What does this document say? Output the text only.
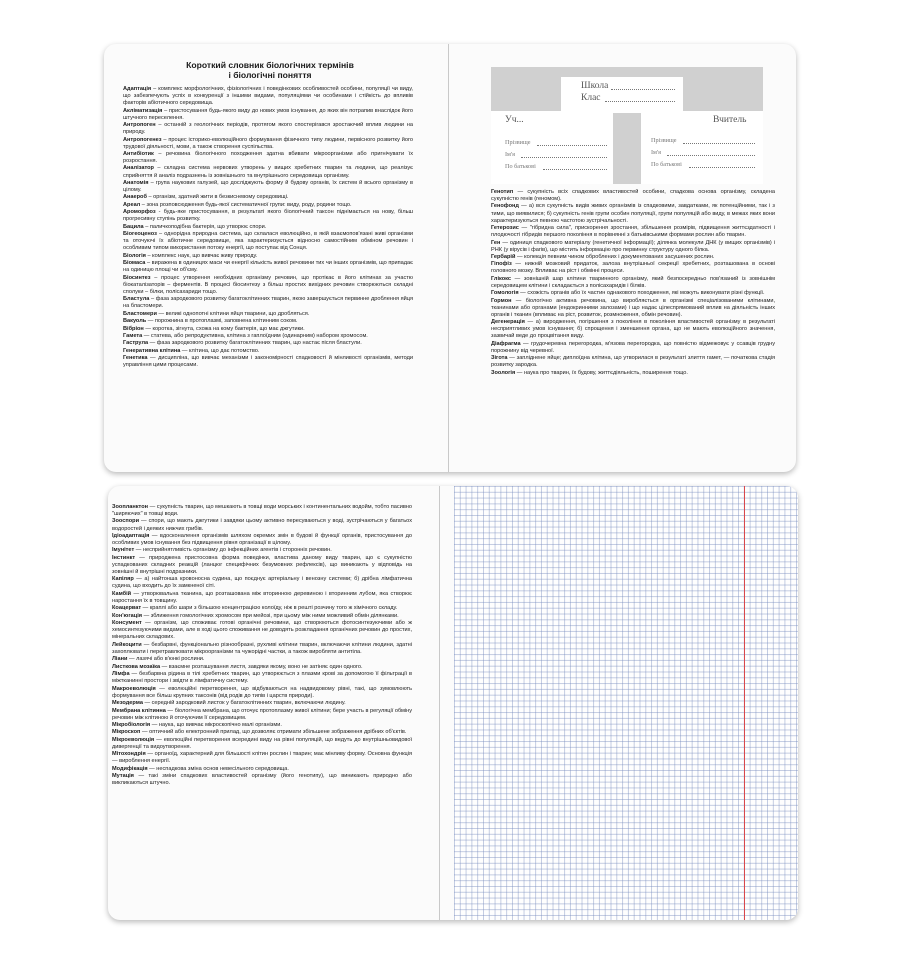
Короткий словник біологічних термінів
і біологічні поняття

Адаптація – комплекс морфологічних, фізіологічних і поведінкових особливостей особини, популяції чи виду, що забезпечують успіх в конкуренції з іншими видами, популяціями чи особинами і стійкість до впливів факторів абіотичного середовища.

Акліматизація – пристосування будь-якого виду до нових умов існування, до яких він потрапив внаслідок його штучного переселення.

Антропоген – останній з геологічних періодів, протягом якого спостерігався зростаючий вплив людини на природу.

Антропогенез – процес історико-еволюційного формування фізичного типу людини, первісного розвитку його трудової діяльності, мови, а також створення суспільства.

Антибіотик – речовина біологічного походження здатна вбивати мікроорганізми або пригнічувати їх розростання.

Аналізатор – складна система нервових утворень у вищих хребетних тварин та людини, що реалізує сприйняття й аналіз подразнень із зовнішнього та внутрішнього середовища організму.

Анатомія – група наукових галузей, що досліджують форму й будову органів, їх систем й всього організму в цілому.

Анаероб – організм, здатний жити в безкисневому середовищі.

Ареал – зона розповсюдження будь-якої систематичної групи: виду, роду, родини тощо.

Ароморфоз - будь-яке пристосування, в результаті якого біологічний таксон піднімається на нову, більш прогресивну ступінь розвитку.

Бацила – паличкоподібна бактерія, що утворює спори.

Біогеоценоз – однорідна природна система, що склалася еволюційно, в якій взаємопов'язані живі організми та оточуючі їх абіотичне середовище, яка характеризується відносно самостійним обміном речовин і особливим типом використання потоку енергії, що поступає від Сонця.

Біологія – комплекс наук, що вивчає живу природу.

Біомаса – виражена в одиницях маси чи енергії кількість живої речовини тих чи інших організмів, що припадає на одиницю площі чи об'єму.

Біосинтез – процес утворення необхідних організму речовин, що протікає в його клітинах за участю біокаталізаторів – ферментів. В процесі біосинтезу з більш простих вихідних речовин створюються складні сполуки – білки, полісахариди тощо.

Бластула – фаза зародкового розвитку багатоклітинних тварин, якою завершується первинне дроблення яйця на бластомери.

Бластомери — великі однопотні клітини яйця тварини, що дробляться.

Вакуоль — порожнина в протоплазмі, заповнена клітинним соком.

Вібріон — коротка, зігнута, схожа на кому бактерія, що має джгутики.

Гамета — статева, або репродуктивна, клітина з гаплоїдним (одинарним) набором хромосом.

Гаструла — фаза зародкового розвитку багатоклітинних тварин, що настає після бластули.

Генеративна клітина — клітина, що дає потомство.

Генетика — дисципліна, що вивчає механізми і закономірності спадковості й мінливості організмів, методи управління цими процесами.

Школа
Клас
Уч...
Прізвище
Ім'я
По батькові
Вчитель
Прізвище
Ім'я
По батькові

Генотип — сукупність всіх спадкових властивостей особини, спадкова основа організму, складена сукупністю генів (геномом).

Генофонд — а) вся сукупність видів живих організмів із спадковими, завдатками, як потенційними, так і з тими, що виявилися; б) сукупність генів групи особин популяції, групи популяцій або виду, в межах яких вони характеризуються певною частотою зустрічальності.

Гетерозис — "гібридна сила", прискорення зростання, збільшення розмірів, підвищення життєздатності і плодючості гібридів першого покоління в порівнянні з батьківськими формами рослин або тварин.

Ген — одиниця спадкового матеріалу (генетичної інформації); ділянка молекули ДНК (у вищих організмів) і РНК (у вірусів і фагів), що містить інформацію про первинну структуру одного білка.

Гербарій — колекція певним чином оброблених і документованих засушених рослин.

Гіпофіз — нижній мозковий придаток, залоза внутрішньої секреції хребетних, розташована в основі головного мозку. Впливає на ріст і обмінні процеси.

Глікокс — зовнішній шар клітини тваринного організму, який безпосередньо пов'язаний із зовнішнім середовищем клітини і складається з полісахаридів і білків.

Гомологія — схожість органів або їх частин однакового походження, які можуть виконувати різні функції.

Гормон — біологічно активна речовина, що виробляється в організмі спеціалізованими клітинами, тканинами або органами (ендокринними залозами) і що надає цілеспрямований вплив на діяльність інших органів і тканин (впливає на ріст, розвиток, розмноження, обмін речовин).

Дегенерація — а) виродження, погіршення з покоління в покоління властивостей організму в результаті несприятливих умов існування; б) спрощення і зменшення органа, що не мають еволюційного значення, зазвичай веде до процвітання виду.

Діафрагма — грудочеревна перегородка, м'язова перегородка, що повністю відмежовує у ссавців грудну порожнину від черевної.

Зігота — запліднене яйце; диплоїдна клітина, що утворилася в результаті злиття гамет, — початкова стадія розвитку зародка.

Зоологія — наука про тварин, їх будову, життєдіяльність, поширення тощо.

Зоопланктон — сукупність тварин, що мешкають в товщі води морських і континентальних водойм, тобто пасивно "ширяючих" в товщі води.

Зооспори — спори, що мають джгутики і завдяки цьому активно пересуваються у воді, зустрічаються у багатьох водоростей і деяких нижчих грибів.

Ідіоадаптація — вдосконалення організмів шляхом окремих змін в будові й функції органів, пристосування до особливих умов існування без підвищення рівня організації в цілому.

Імунітет — несприйнятливість організму до інфекційних агентів і сторонніх речовин.

Інстинкт — природжена пристосовна форма поведінки, властива даному виду тварин, що є сукупністю успадкованих складних реакцій (ланцюг специфічних безумовних рефлексів), що виникають у відповідь на зовнішні й внутрішні подразники.

Капіляр — а) найтонша кровоносна судина, що поєднує артеріальну і венозну системи; б) дрібна лімфатична судина, що входить до їх замкненої сіті.

Камбій — утворювальна тканина, що розташована між вторинною деревиною і вторинним лубом, яка створює наростання їх в товщину.

Коацерват — краплі або шари з більшою концентрацією колоїду, ніж в решті розчину того ж хімічного складу.

Кон'югація — зближення гомологічних хромосом при мейозі, при цьому між ними можливий обмін ділянками.

Консумент — організм, що споживає готові органічні речовини, що створюються фотосинтезуючими або ж хемосинтезуючими видами, але в ході цього споживання не доводять розкладання органічних речовин до простих, мінеральних складових.

Лейкоцити — безбарвні, функціонально різнообразні, рухливі клітини тварин, включаючи клітини людини, здатні захоплювати і перетравлювати мікроорганізми та чужорідні частки, а також виробляти антитіла.

Ліани — лазячі або в'юнкі рослини.

Листкова мозаїка — взаємне розташування листя, завдяки якому, воно не затіняє один одного.

Лімфа — безбарвна рідина в тілі хребетних тварин, що утворюється з плазми крові за допомогою її фільтрації в міжтканинні простори і звідти в лімфатичну систему.

Макроеволюція — еволюційні перетворення, що відбуваються на надвидовому рівні, такі, що зумовлюють формування все більш крупних таксонів (від родів до типів і царств природи).

Мезодерма — середній зародковий листок у багатоклітинних тварин, включаючи людину.

Мембрана клітинна — біологічна мембрана, що оточує протоплазму живої клітини; бере участь в регуляції обміну речовин між клітиною й оточуючим її середовищем.

Мікробіологія — наука, що вивчає мікроскопічно малі організми.

Мікроскоп — оптичний або електронний прилад, що дозволяє отримати збільшене зображення дрібних об'єктів.

Мікроеволюція — еволюційні перетворення всередині виду на рівні популяцій, що ведуть до внутрішньовидової дивергенції та видоутворення.

Мітохондрія — органоїд, характерний для більшості клітин рослин і тварин; має мінливу форму. Основна функція — вироблення енергії.

Модифікація — неспадкова зміна основ невесільного середовища.

Мутація — такі зміни спадкових властивостей організму (його генотипу), що виникають природно або викликаються штучно.
